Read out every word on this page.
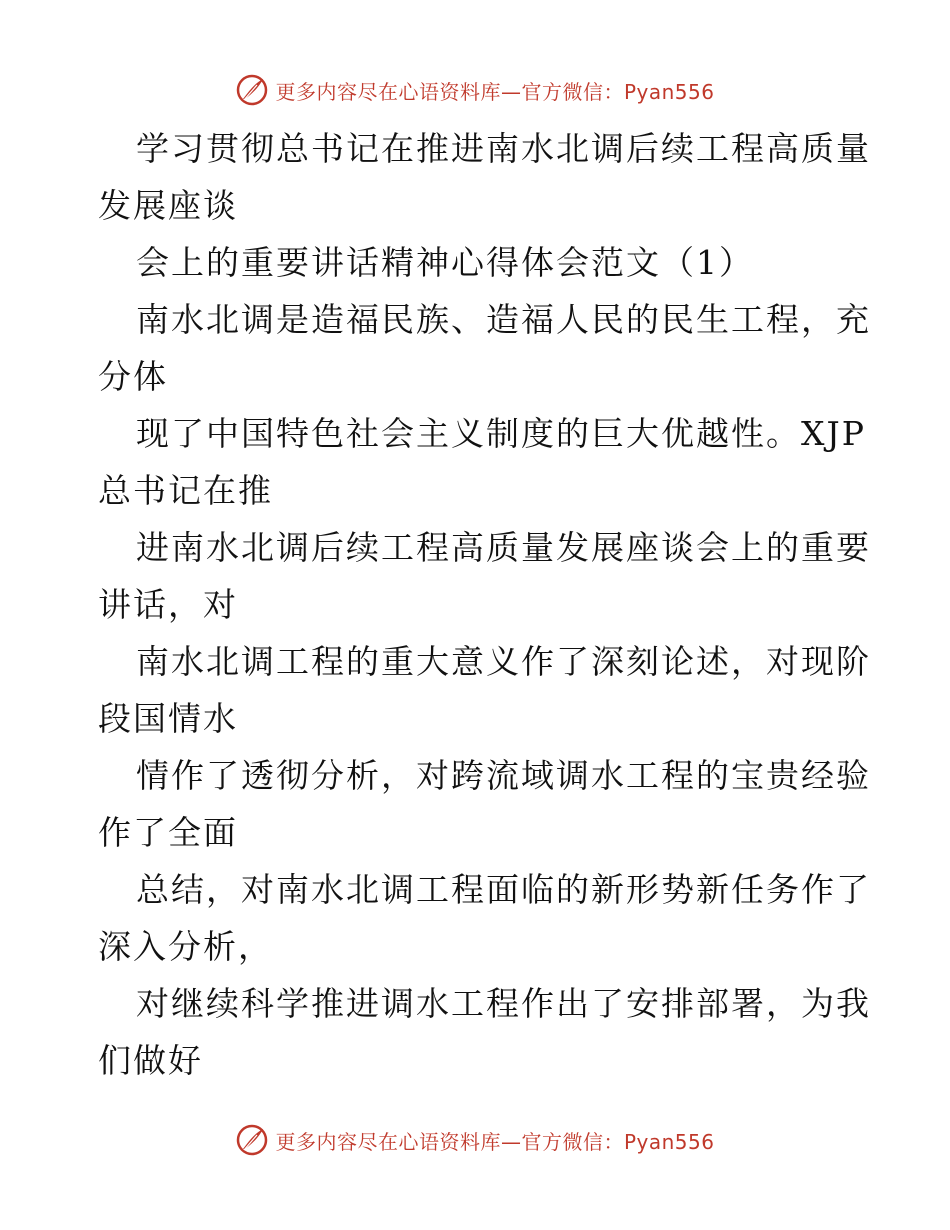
更多内容尽在心语资料库—官方微信：Pyan556
学习贯彻总书记在推进南水北调后续工程高质量
发展座谈
会上的重要讲话精神心得体会范文（1）
南水北调是造福民族、造福人民的民生工程，充
分体
现了中国特色社会主义制度的巨大优越性。XJP
总书记在推
进南水北调后续工程高质量发展座谈会上的重要
讲话，对
南水北调工程的重大意义作了深刻论述，对现阶
段国情水
情作了透彻分析，对跨流域调水工程的宝贵经验
作了全面
总结，对南水北调工程面临的新形势新任务作了
深入分析，
对继续科学推进调水工程作出了安排部署，为我
们做好
更多内容尽在心语资料库—官方微信：Pyan556
